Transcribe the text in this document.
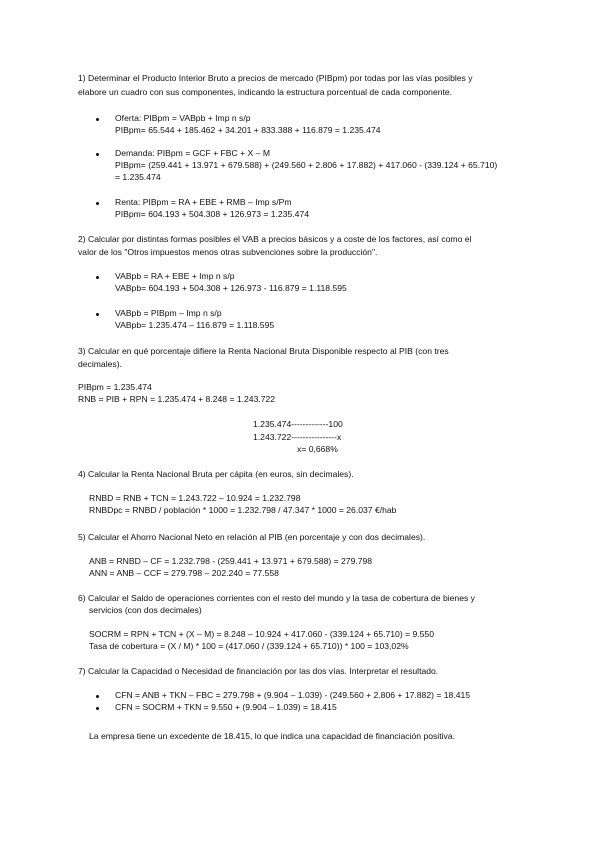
1) Determinar el Producto Interior Bruto a precios de mercado (PIBpm) por todas por las vías posibles y
elabore un cuadro con sus componentes, indicando la estructura porcentual de cada componente.
Oferta: PIBpm = VABpb + Imp n s/p
PIBpm= 65.544 + 185.462 + 34.201 + 833.388 + 116.879 = 1.235.474
Demanda: PIBpm = GCF + FBC + X – M
PIBpm= (259.441 + 13.971 + 679.588) + (249.560 + 2.806 + 17.882) + 417.060 - (339.124 + 65.710)
= 1.235.474
Renta: PIBpm = RA + EBE + RMB – Imp s/Pm
PIBpm= 604.193 + 504.308 + 126.973 = 1.235.474
2) Calcular por distintas formas posibles el VAB a precios básicos y a coste de los factores, así como el
valor de los "Otros impuestos menos otras subvenciones sobre la producción".
VABpb = RA + EBE + Imp n s/p
VABpb= 604.193 + 504.308 + 126.973 - 116.879 = 1.118.595
VABpb = PIBpm – Imp n s/p
VABpb= 1.235.474 – 116.879 = 1.118.595
3) Calcular en qué porcentaje difiere la Renta Nacional Bruta Disponible respecto al PIB (con tres
decimales).
PIBpm = 1.235.474
RNB = PIB + RPN = 1.235.474 + 8.248 = 1.243.722
1.235.474-------------100
1.243.722----------------x
x= 0,668%
4) Calcular la Renta Nacional Bruta per cápita (en euros, sin decimales).
RNBD = RNB + TCN = 1.243.722 – 10.924 = 1.232.798
RNBDpc = RNBD / población * 1000 = 1.232.798 / 47.347 * 1000 = 26.037 €/hab
5) Calcular el Ahorro Nacional Neto en relación al PIB (en porcentaje y con dos decimales).
ANB = RNBD – CF = 1.232.798 - (259.441 + 13.971 + 679.588) = 279.798
ANN = ANB – CCF = 279.798 – 202.240 = 77.558
6) Calcular el Saldo de operaciones corrientes con el resto del mundo y la tasa de cobertura de bienes y
servicios (con dos decimales)
SOCRM = RPN + TCN + (X – M) = 8.248 – 10.924 + 417.060 - (339.124 + 65.710) = 9.550
Tasa de cobertura = (X / M) * 100 = (417.060 / (339.124 + 65.710)) * 100 = 103,02%
7) Calcular la Capacidad o Necesidad de financiación por las dos vías. Interpretar el resultado.
CFN = ANB + TKN – FBC = 279.798 + (9.904 – 1.039) - (249.560 + 2.806 + 17.882) = 18.415
CFN = SOCRM + TKN = 9.550 + (9.904 – 1.039) = 18.415
La empresa tiene un excedente de 18.415, lo que indica una capacidad de financiación positiva.
